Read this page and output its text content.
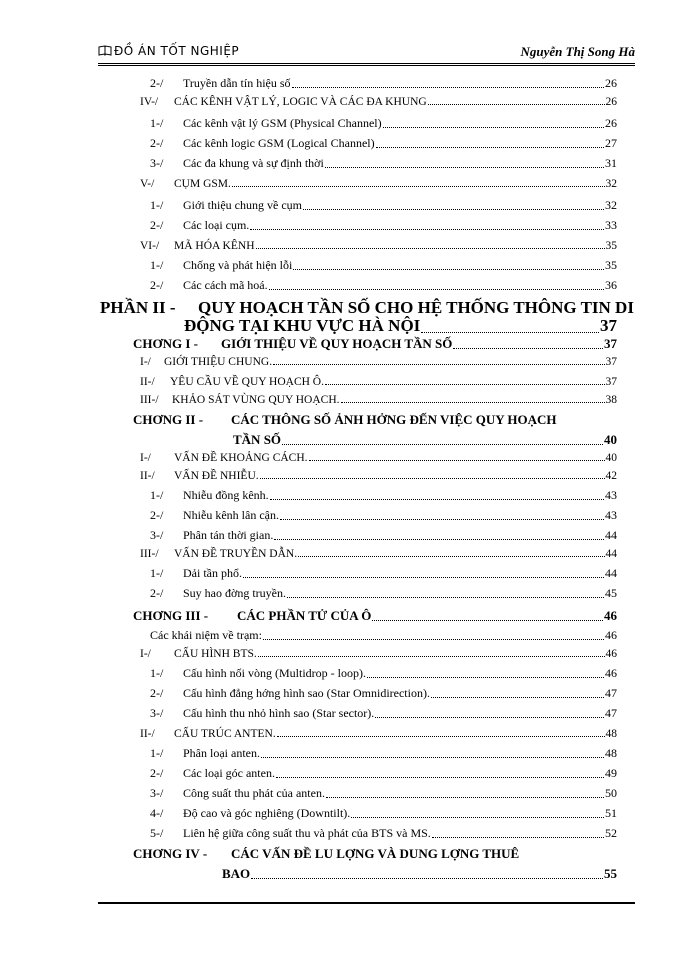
ĐỒ ÁN TỐT NGHIỆP	Nguyễn Thị Song Hà
2-/ Truyền dẫn tín hiệu số	26
IV-/ CÁC KÊNH VẬT LÝ, LOGIC VÀ CÁC ĐA KHUNG	26
1-/ Các kênh vật lý GSM (Physical Channel)	26
2-/ Các kênh logic GSM (Logical Channel)	27
3-/ Các đa khung và sự định thời	31
V-/ CỤM GSM.	32
1-/ Giới thiệu chung về cụm	32
2-/ Các loại cụm.	33
VI-/ MÃ HÓA KÊNH	35
1-/ Chống và phát hiện lỗi	35
2-/ Các cách mã hoá.	36
PHẦN II - QUY HOẠCH TẦN SỐ CHO HỆ THỐNG THÔNG TIN DI
ĐỘNG TẠI KHU VỰC HÀ NỘI	37
CHƠNG I - GIỚI THIỆU VỀ QUY HOẠCH TẦN SỐ	37
I-/ GIỚI THIỆU CHUNG.	37
II-/ YÊU CẦU VỀ QUY HOẠCH Ô.	37
III-/ KHẢO SÁT VÙNG QUY HOẠCH.	38
CHƠNG II - CÁC THÔNG SỐ ẢNH HỞNG ĐẾN VIỆC QUY HOẠCH
TẦN SỐ	40
I-/ VẤN ĐỀ KHOẢNG CÁCH.	40
II-/ VẤN ĐỀ NHIỄU.	42
1-/ Nhiễu đồng kênh.	43
2-/ Nhiễu kênh lân cận.	43
3-/ Phân tán thời gian.	44
III-/ VẤN ĐỀ TRUYỀN DẪN.	44
1-/ Dải tần phổ.	44
2-/ Suy hao đờng truyền.	45
CHƠNG III - CÁC PHẦN TỬ CỦA Ô	46
Các khái niệm về trạm:	46
I-/ CẤU HÌNH BTS.	46
1-/ Cấu hình nối vòng (Multidrop - loop).	46
2-/ Cấu hình đẳng hớng hình sao (Star Omnidirection).	47
3-/ Cấu hình thu nhỏ hình sao (Star sector).	47
II-/ CẤU TRÚC ANTEN.	48
1-/ Phân loại anten.	48
2-/ Các loại góc anten.	49
3-/ Công suất thu phát của anten.	50
4-/ Độ cao và góc nghiêng (Downtilt).	51
5-/ Liên hệ giữa công suất thu và phát của BTS và MS.	52
CHƠNG IV - CÁC VẤN ĐỀ LU LỢNG VÀ DUNG LỢNG THUÊ
BAO	55
